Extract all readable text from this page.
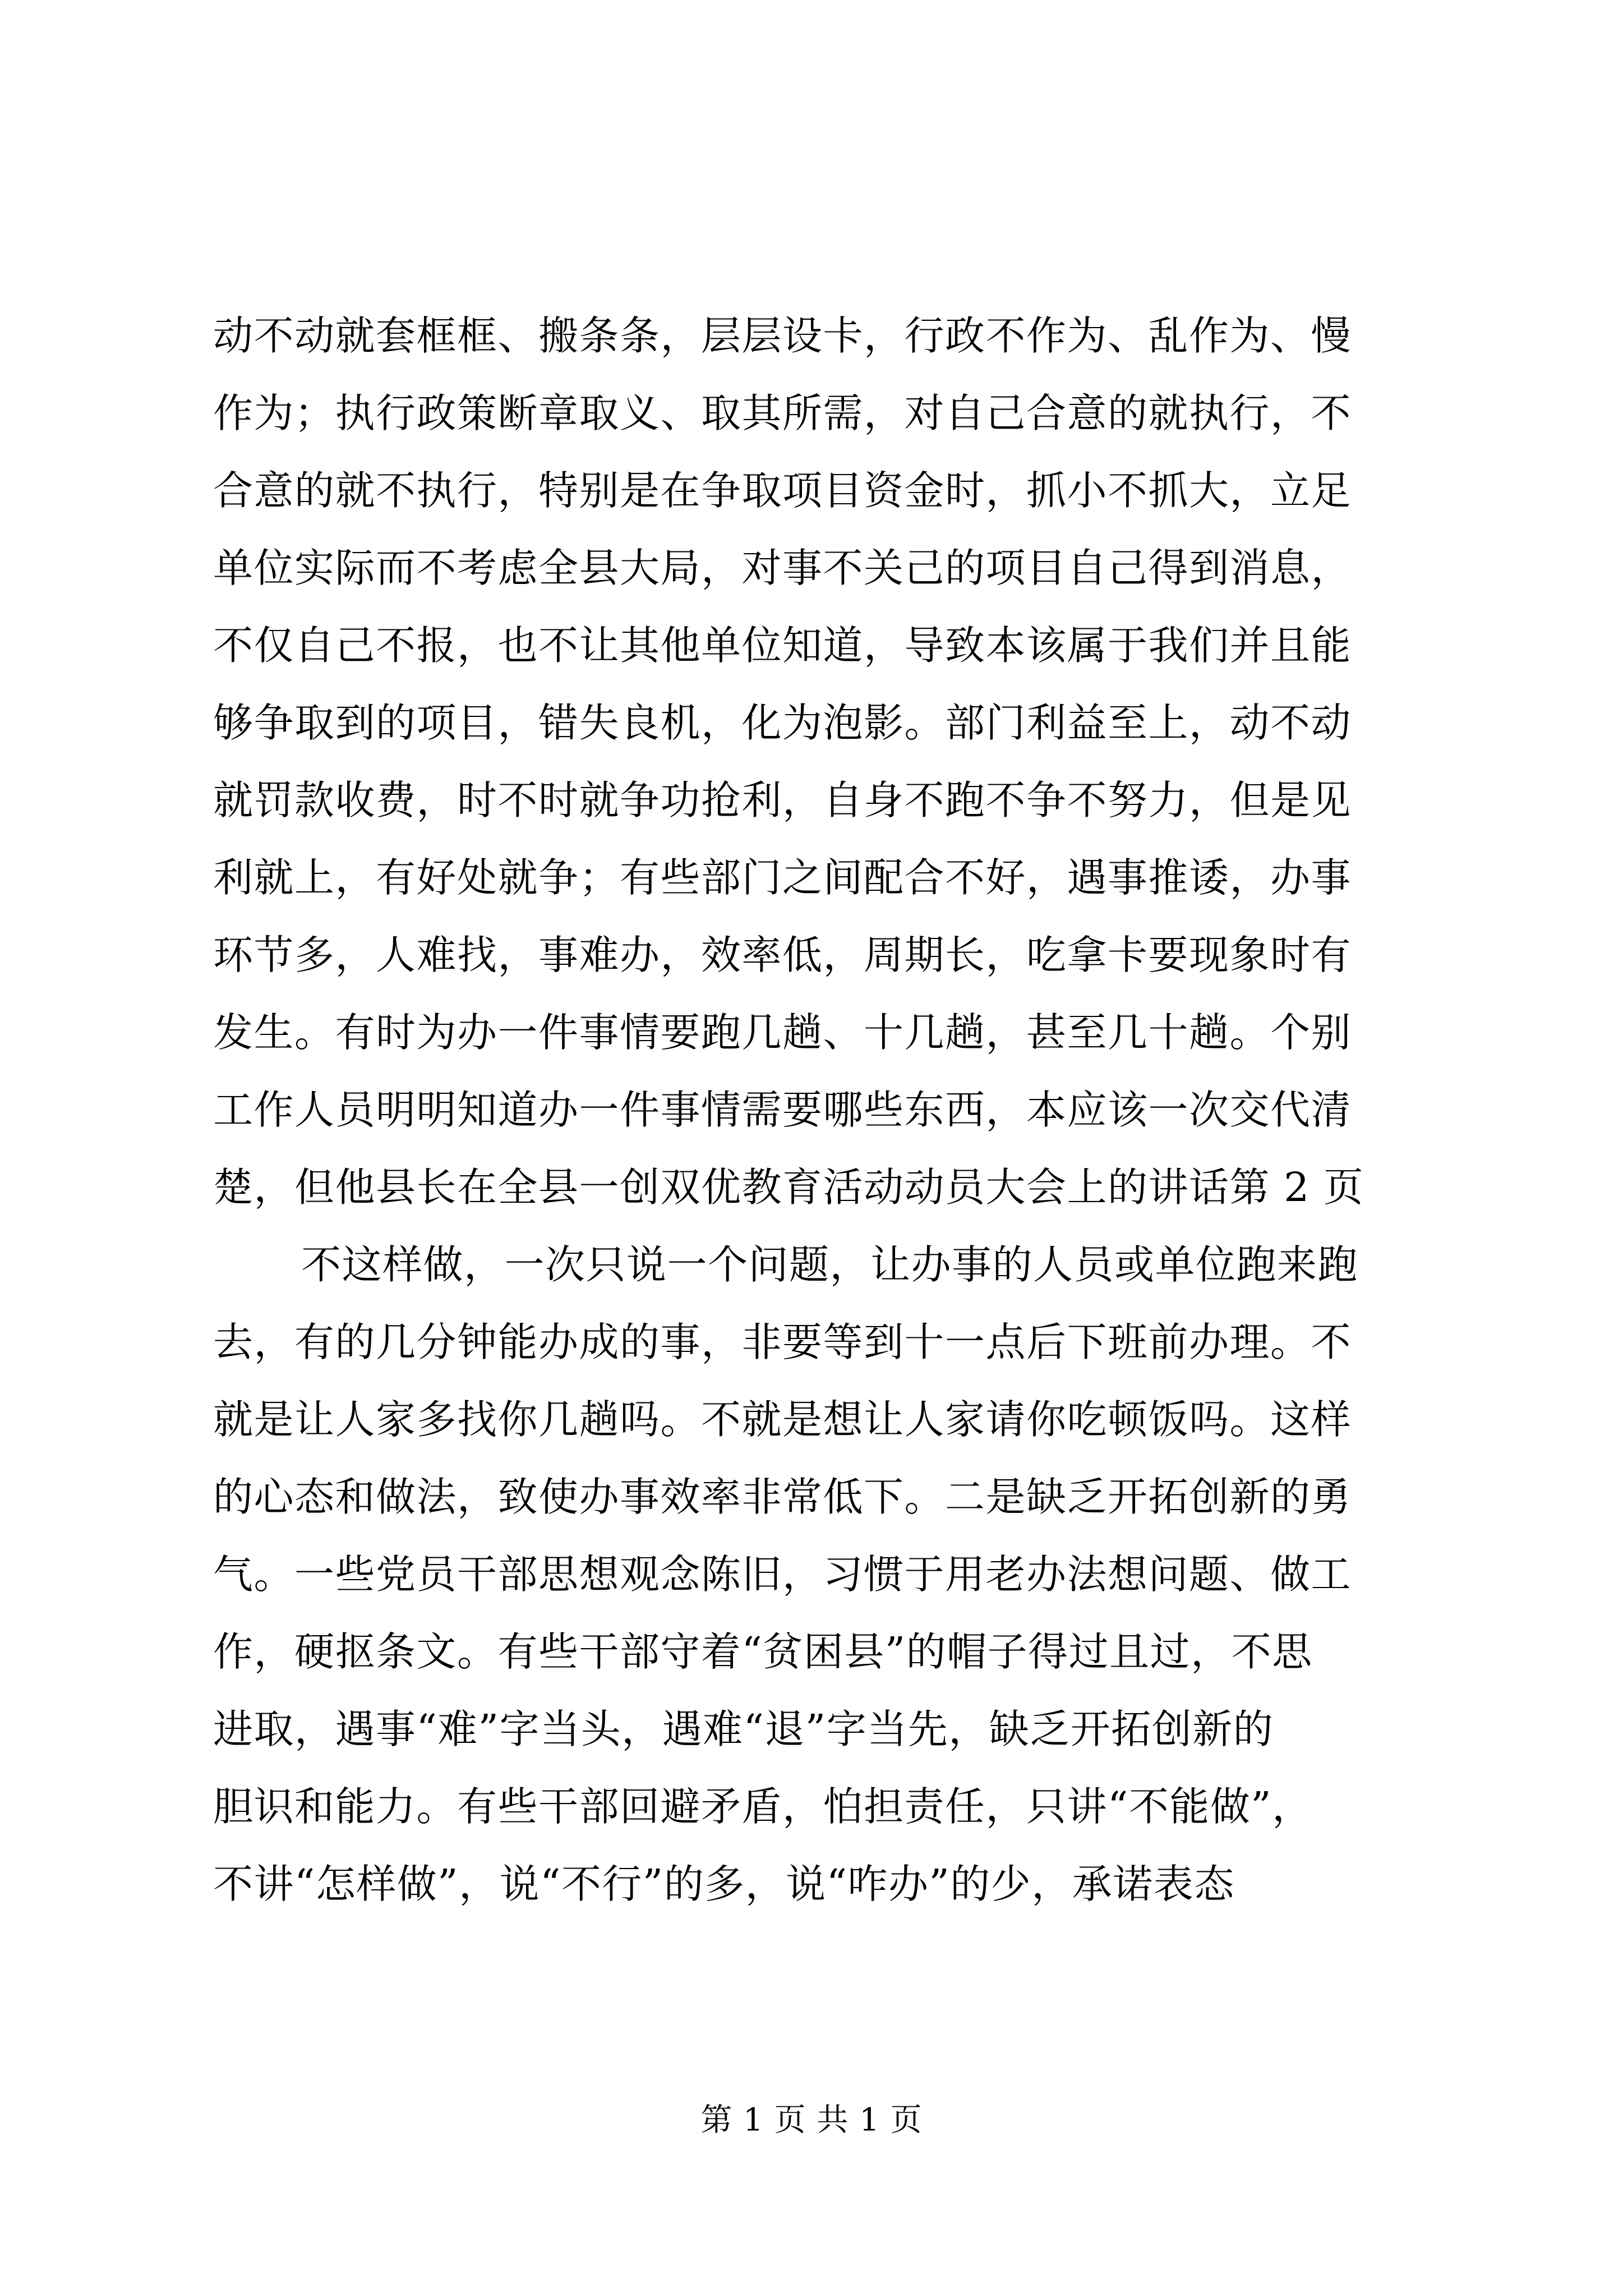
动不动就套框框、搬条条，层层设卡，行政不作为、乱作为、慢
作为；执行政策断章取义、取其所需，对自己合意的就执行，不
合意的就不执行，特别是在争取项目资金时，抓小不抓大，立足
单位实际而不考虑全县大局，对事不关己的项目自己得到消息，
不仅自己不报，也不让其他单位知道，导致本该属于我们并且能
够争取到的项目，错失良机，化为泡影。部门利益至上，动不动
就罚款收费，时不时就争功抢利，自身不跑不争不努力，但是见
利就上，有好处就争；有些部门之间配合不好，遇事推诿，办事
环节多，人难找，事难办，效率低，周期长，吃拿卡要现象时有
发生。有时为办一件事情要跑几趟、十几趟，甚至几十趟。个别
工作人员明明知道办一件事情需要哪些东西，本应该一次交代清
楚，但他县长在全县一创双优教育活动动员大会上的讲话第 2 页
不这样做，一次只说一个问题，让办事的人员或单位跑来跑
去，有的几分钟能办成的事，非要等到十一点后下班前办理。不
就是让人家多找你几趟吗。不就是想让人家请你吃顿饭吗。这样
的心态和做法，致使办事效率非常低下。二是缺乏开拓创新的勇
气。一些党员干部思想观念陈旧，习惯于用老办法想问题、做工
作，硬抠条文。有些干部守着“贫困县”的帽子得过且过，不思
进取，遇事“难”字当头，遇难“退”字当先，缺乏开拓创新的
胆识和能力。有些干部回避矛盾，怕担责任，只讲“不能做”，
不讲“怎样做”，说“不行”的多，说“咋办”的少，承诺表态
第 1 页 共 1 页
